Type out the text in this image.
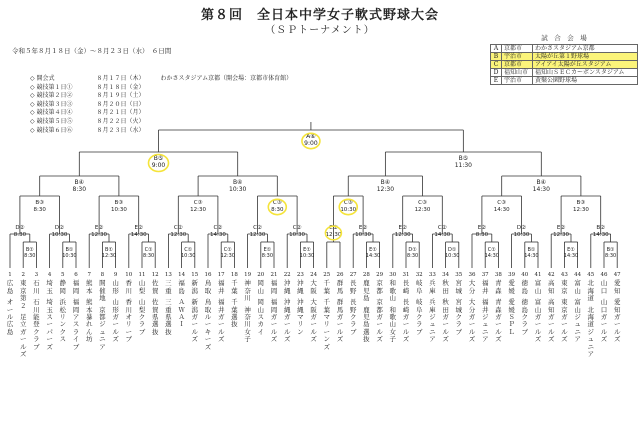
第８回　全日本中学女子軟式野球大会
（ＳＰトーナメント）
令和５年８月１８日（金）～８月２３日（水）　６日間
◇ 開会式	８月１７日（木）	わかさスタジアム京都（開会場：京都市体育館）
◇ 競技第１日①	８月１８日（金）
◇ 競技第２日②	８月１９日（土）
◇ 競技第３日③	８月２０日（日）
◇ 競技第４日④	８月２１日（月）
◇ 競技第５日⑤	８月２２日（火）
◇ 競技第６日⑥	８月２３日（水）
試　合　会　場
A	京都市	わかさスタジアム京都
B	宇治市	太陽が丘第１野球場
C	京都市	アイアイ太陽が丘スタジアム
D	福知山市	福知山ＳＥＣカーボンスタジアム
E	宇治市	黄檗公園野球場
B①
8:30
D②
8:30
B①
10:30
D②
10:30
B①
12:30
E②
12:30
C①
8:30
E②
14:30
C①
10:30
C②
12:30
C①
12:30
C②
14:30
E①
8:30
C②
12:30
E①
10:30
C②
10:30
C②
12:30
E①
14:30
E②
10:30
D①
8:30
E②
12:30
D①
10:30
C②
14:30
C①
14:30
E②
8:30
B①
14:30
D②
10:30
E①
14:30
E②
12:30
B①
8:30
B②
14:30
B③
8:30
B③
10:30
C③
12:30
C③
8:30
C③
10:30
C③
12:30
C③
14:30
B③
12:30
B④
8:30
B④
10:30
B④
12:30
B④
14:30
B⑤
9:00
B⑤
11:30
A⑥
9:00
1
広
島
オ
ー
ル
広
島
2
東
京
第
２
足
立
ガ
ー
ル
ズ
3
石
川
石
川
能
登
ク
ラ
ブ
4
埼
玉
埼
玉
ス
ー
パ
ー
ズ
5
静
岡
浜
松
リ
ン
ク
ス
6
福
岡
福
岡
ア
ス
ラ
イ
ブ
7
熊
本
熊
本
暴
れ
ん
坊
8
開
催
地
京
都
ジ
ュ
ニ
ア
9
山
形
山
形
ガ
ー
ル
ズ
10
香
川
香
川
オ
リ
ー
ブ
11
山
梨
山
梨
ク
ラ
ブ
12
佐
賀
佐
賀
県
選
抜
13
三
重
三
重
県
選
抜
14
福
島
Ａ
Ｗ
Ａ
Ｉ
15
新
潟
新
潟
ガ
ー
ル
ズ
16
鳥
取
鳥
取
ル
ー
キ
ー
ズ
17
福
井
福
井
ガ
ー
ル
ズ
18
千
葉
千
葉
選
抜
19
神
奈
川
神
奈
川
女
子
20
岡
山
岡
山
ス
カ
イ
21
福
岡
福
岡
ガ
ー
ル
ズ
22
沖
縄
沖
縄
ガ
ー
ル
ズ
23
沖
縄
沖
縄
マ
リ
ン
24
大
阪
大
阪
ガ
ー
ル
ズ
25
千
葉
千
葉
マ
リ
ー
ン
ズ
26
群
馬
群
馬
ガ
ー
ル
ズ
27
長
野
長
野
ク
ラ
ブ
28
鹿
児
島
鹿
児
島
選
抜
29
京
都
京
都
ガ
ー
ル
ズ
30
和
歌
山
和
歌
山
女
子
31
長
崎
長
崎
ガ
ー
ル
ズ
32
岐
阜
岐
阜
ク
ラ
ブ
33
兵
庫
兵
庫
ジ
ュ
ニ
ア
34
秋
田
秋
田
ガ
ー
ル
ズ
35
宮
城
宮
城
ク
ラ
ブ
36
大
分
大
分
ガ
ー
ル
ズ
37
福
井
福
井
ジ
ュ
ニ
ア
38
青
森
青
森
ガ
ー
ル
ズ
39
愛
媛
愛
媛
Ｓ
Ｐ
Ｌ
40
徳
島
徳
島
ク
ラ
ブ
41
富
山
富
山
ガ
ー
ル
ズ
42
高
知
高
知
ガ
ー
ル
ズ
43
東
京
東
京
ガ
ー
ル
ズ
44
富
山
富
山
ジ
ュ
ニ
ア
45
北
海
道
北
海
道
ジ
ュ
ニ
ア
46
山
口
山
口
ガ
ー
ル
ズ
47
愛
知
愛
知
ガ
ー
ル
ズ
